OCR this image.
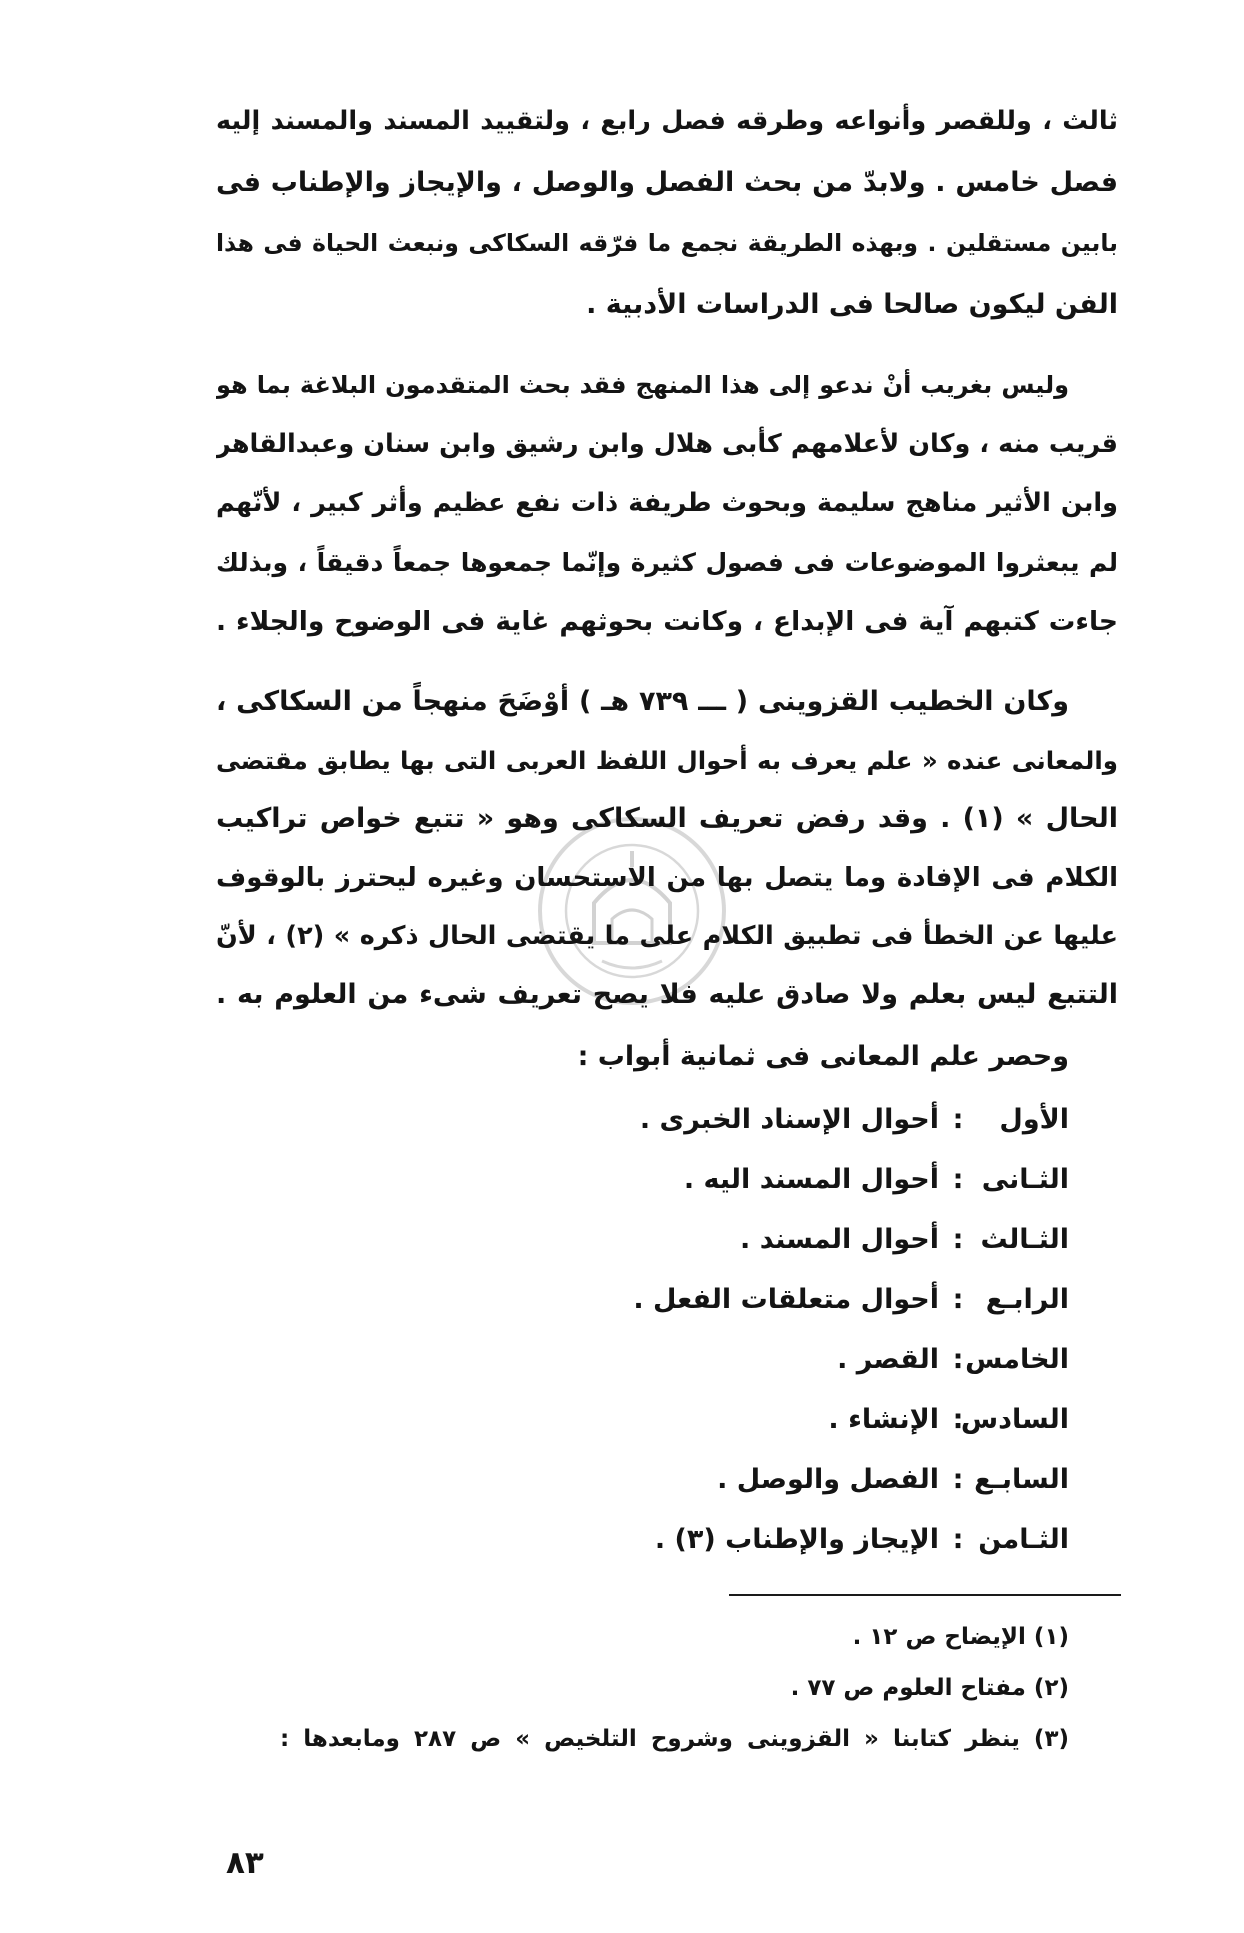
ثالث ، وللقصر وأنواعه وطرقه فصل رابع ، ولتقييد المسند والمسند إليه
فصل خامس . ولابدّ من بحث الفصل والوصل ، والإيجاز والإطناب فى
بابين مستقلين . وبهذه الطريقة نجمع ما فرّقه السكاكى ونبعث الحياة فى هذا
الفن ليكون صالحا فى الدراسات الأدبية .
وليس بغريب أنْ ندعو إلى هذا المنهج فقد بحث المتقدمون البلاغة بما هو
قريب منه ، وكان لأعلامهم كأبى هلال وابن رشيق وابن سنان وعبدالقاهر
وابن الأثير مناهج سليمة وبحوث طريفة ذات نفع عظيم وأثر كبير ، لأنّهم
لم يبعثروا الموضوعات فى فصول كثيرة وإنّما جمعوها جمعاً دقيقاً ، وبذلك
جاءت كتبهم آية فى الإبداع ، وكانت بحوثهم غاية فى الوضوح والجلاء .
وكان الخطيب القزوينى ( ـــ ٧٣٩ هـ ) أوْضَحَ منهجاً من السكاكى ،
والمعانى عنده « علم يعرف به أحوال اللفظ العربى التى بها يطابق مقتضى
الحال » (١) . وقد رفض تعريف السكاكى وهو « تتبع خواص تراكيب
الكلام فى الإفادة وما يتصل بها من الاستحسان وغيره ليحترز بالوقوف
عليها عن الخطأ فى تطبيق الكلام على ما يقتضى الحال ذكره » (٢) ، لأنّ
التتبع ليس بعلم ولا صادق عليه فلا يصح تعريف شىء من العلوم به .
وحصر علم المعانى فى ثمانية أبواب :
الأول:أحوال الإسناد الخبرى .
الثـانى:أحوال المسند اليه .
الثـالث:أحوال المسند .
الرابـع:أحوال متعلقات الفعل .
الخامس:القصر .
السادس:الإنشاء .
السابـع:الفصل والوصل .
الثـامن:الإيجاز والإطناب (٣) .
(١) الإيضاح ص ١٢ .
(٢) مفتاح العلوم ص ٧٧ .
(٣) ينظر كتابنا « القزوينى وشروح التلخيص » ص ٢٨٧ ومابعدها :
٨٣
